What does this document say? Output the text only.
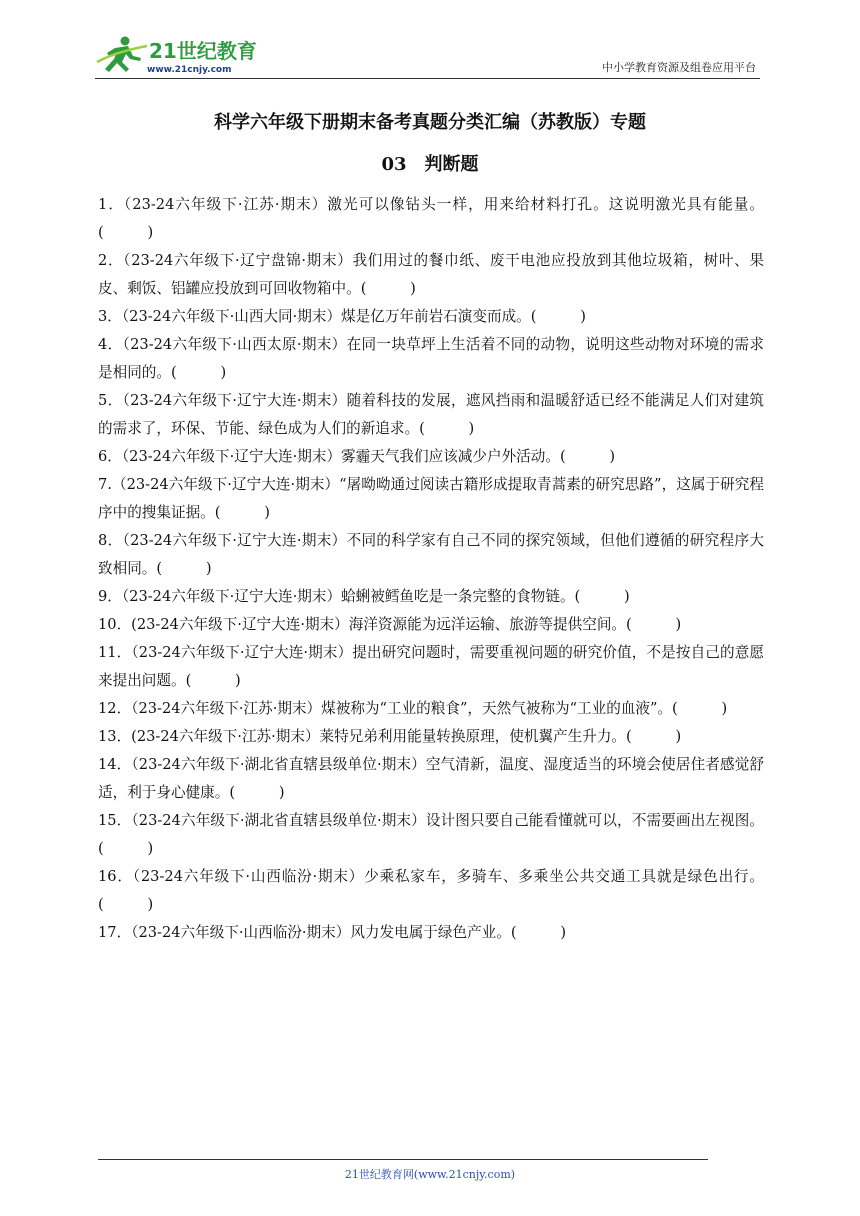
21世纪教育
www.21cnjy.com	中小学教育资源及组卷应用平台
科学六年级下册期末备考真题分类汇编（苏教版）专题
03　判断题

1．（23-24六年级下·江苏·期末）激光可以像钻头一样，用来给材料打孔。这说明激光具有能量。(　　　)

2．（23-24六年级下·辽宁盘锦·期末）我们用过的餐巾纸、废干电池应投放到其他垃圾箱，树叶、果皮、剩饭、铝罐应投放到可回收物箱中。(　　　)

3．（23-24六年级下·山西大同·期末）煤是亿万年前岩石演变而成。(　　　)

4．（23-24六年级下·山西太原·期末）在同一块草坪上生活着不同的动物，说明这些动物对环境的需求是相同的。(　　　)

5．（23-24六年级下·辽宁大连·期末）随着科技的发展，遮风挡雨和温暖舒适已经不能满足人们对建筑的需求了，环保、节能、绿色成为人们的新追求。(　　　)

6．（23-24六年级下·辽宁大连·期末）雾霾天气我们应该减少户外活动。(　　　)

7.（23-24六年级下·辽宁大连·期末）“屠呦呦通过阅读古籍形成提取青蒿素的研究思路”，这属于研究程序中的搜集证据。(　　　)

8．（23-24六年级下·辽宁大连·期末）不同的科学家有自己不同的探究领域，但他们遵循的研究程序大致相同。(　　　)

9．（23-24六年级下·辽宁大连·期末）蛤蜊被鳕鱼吃是一条完整的食物链。(　　　)

10．(23-24六年级下·辽宁大连·期末）海洋资源能为远洋运输、旅游等提供空间。(　　　)

11．（23-24六年级下·辽宁大连·期末）提出研究问题时，需要重视问题的研究价值，不是按自己的意愿来提出问题。(　　　)

12．（23-24六年级下·江苏·期末）煤被称为“工业的粮食”，天然气被称为“工业的血液”。(　　　)

13．(23-24六年级下·江苏·期末）莱特兄弟利用能量转换原理，使机翼产生升力。(　　　)

14．（23-24六年级下·湖北省直辖县级单位·期末）空气清新，温度、湿度适当的环境会使居住者感觉舒适，利于身心健康。(　　　)

15．（23-24六年级下·湖北省直辖县级单位·期末）设计图只要自己能看懂就可以，不需要画出左视图。(　　　)

16．（23-24六年级下·山西临汾·期末）少乘私家车，多骑车、多乘坐公共交通工具就是绿色出行。(　　　)

17．（23-24六年级下·山西临汾·期末）风力发电属于绿色产业。(　　　)

21世纪教育网(www.21cnjy.com)
